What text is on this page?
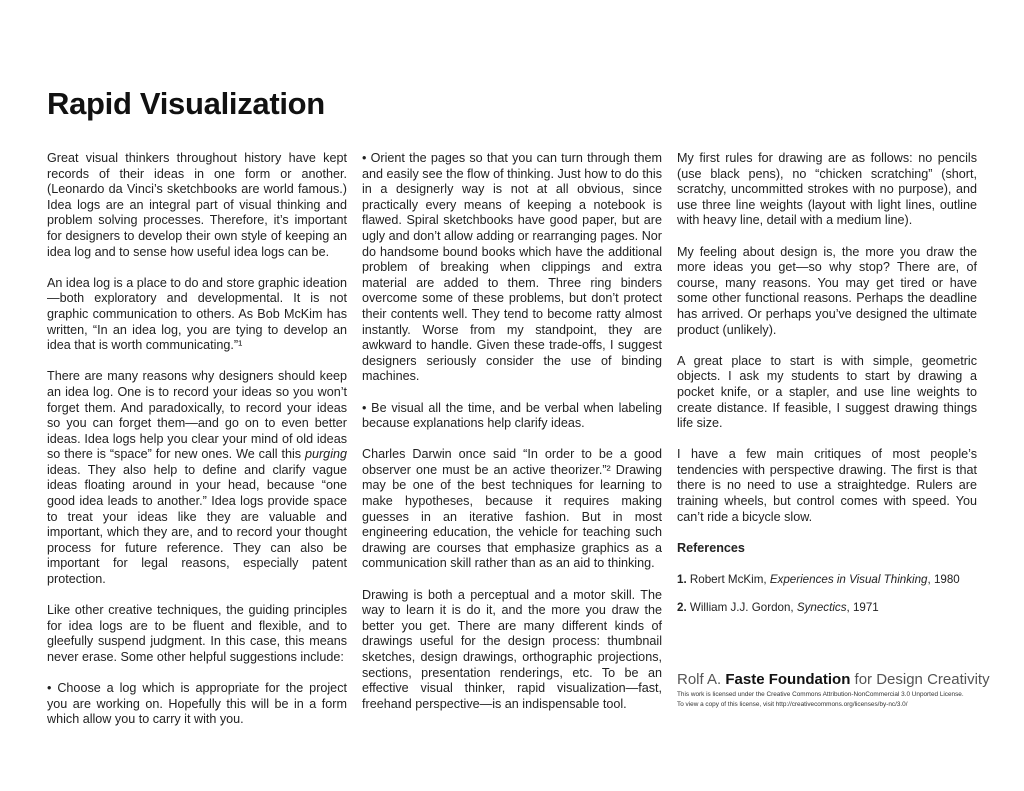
Rapid Visualization

Great visual thinkers throughout history have kept records of their ideas in one form or another. (Leonardo da Vinci’s sketchbooks are world famous.) Idea logs are an integral part of visual thinking and problem solving processes. Therefore, it’s important for designers to develop their own style of keeping an idea log and to sense how useful idea logs can be.

An idea log is a place to do and store graphic ideation—both exploratory and developmental. It is not graphic communication to others. As Bob McKim has written, “In an idea log, you are tying to develop an idea that is worth communicating.”¹

There are many reasons why designers should keep an idea log. One is to record your ideas so you won’t forget them. And paradoxically, to record your ideas so you can forget them—and go on to even better ideas. Idea logs help you clear your mind of old ideas so there is “space” for new ones. We call this purging ideas. They also help to define and clarify vague ideas floating around in your head, because “one good idea leads to another.” Idea logs provide space to treat your ideas like they are valuable and important, which they are, and to record your thought process for future reference. They can also be important for legal reasons, especially patent protection.

Like other creative techniques, the guiding principles for idea logs are to be fluent and flexible, and to gleefully suspend judgment. In this case, this means never erase. Some other helpful suggestions include:

• Choose a log which is appropriate for the project you are working on. Hopefully this will be in a form which allow you to carry it with you.

• Orient the pages so that you can turn through them and easily see the flow of thinking. Just how to do this in a designerly way is not at all obvious, since practically every means of keeping a notebook is flawed. Spiral sketchbooks have good paper, but are ugly and don’t allow adding or rearranging pages. Nor do handsome bound books which have the additional problem of breaking when clippings and extra material are added to them. Three ring binders overcome some of these problems, but don’t protect their contents well. They tend to become ratty almost instantly. Worse from my standpoint, they are awkward to handle. Given these trade-offs, I suggest designers seriously consider the use of binding machines.

• Be visual all the time, and be verbal when labeling because explanations help clarify ideas.

Charles Darwin once said “In order to be a good observer one must be an active theorizer.”² Drawing may be one of the best techniques for learning to make hypotheses, because it requires making guesses in an iterative fashion. But in most engineering education, the vehicle for teaching such drawing are courses that emphasize graphics as a communication skill rather than as an aid to thinking.

Drawing is both a perceptual and a motor skill. The way to learn it is do it, and the more you draw the better you get. There are many different kinds of drawings useful for the design process: thumbnail sketches, design drawings, orthographic projections, sections, presentation renderings, etc. To be an effective visual thinker, rapid visualization—fast, freehand perspective—is an indispensable tool.

My first rules for drawing are as follows: no pencils (use black pens), no “chicken scratching” (short, scratchy, uncommitted strokes with no purpose), and use three line weights (layout with light lines, outline with heavy line, detail with a medium line).

My feeling about design is, the more you draw the more ideas you get—so why stop? There are, of course, many reasons. You may get tired or have some other functional reasons. Perhaps the deadline has arrived. Or perhaps you’ve designed the ultimate product (unlikely).

A great place to start is with simple, geometric objects. I ask my students to start by drawing a pocket knife, or a stapler, and use line weights to create distance. If feasible, I suggest drawing things life size.

I have a few main critiques of most people’s tendencies with perspective drawing. The first is that there is no need to use a straightedge. Rulers are training wheels, but control comes with speed. You can’t ride a bicycle slow.

References

1. Robert McKim, Experiences in Visual Thinking, 1980

2. William J.J. Gordon, Synectics, 1971

Rolf A. Faste Foundation for Design Creativity
This work is licensed under the Creative Commons Attribution-NonCommercial 3.0 Unported License.
To view a copy of this license, visit http://creativecommons.org/licenses/by-nc/3.0/
